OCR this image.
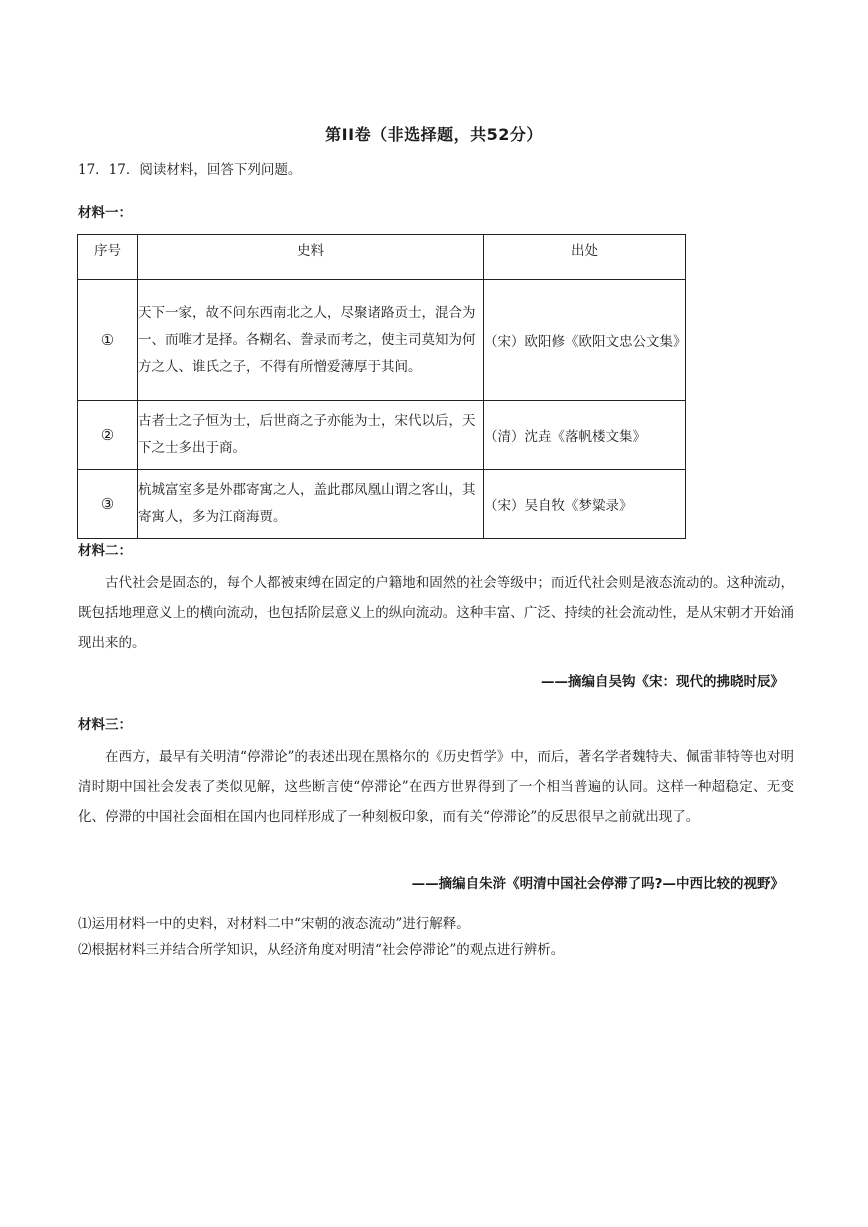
第II卷（非选择题，共52分）
17．17．阅读材料，回答下列问题。
材料一：
序号	史料	出处
①	天下一家，故不问东西南北之人，尽聚诸路贡士，混合为一、而唯才是择。各糊名、誊录而考之，使主司莫知为何方之人、谁氏之子，不得有所憎爱薄厚于其间。	（宋）欧阳修《欧阳文忠公文集》
②	古者士之子恒为士，后世商之子亦能为士，宋代以后，天下之士多出于商。	（清）沈垚《落帆楼文集》
③	杭城富室多是外郡寄寓之人，盖此郡凤凰山谓之客山，其寄寓人，多为江商海贾。	（宋）吴自牧《梦粱录》
材料二：
古代社会是固态的，每个人都被束缚在固定的户籍地和固然的社会等级中；而近代社会则是液态流动的。这种流动，既包括地理意义上的横向流动，也包括阶层意义上的纵向流动。这种丰富、广泛、持续的社会流动性，是从宋朝才开始涌现出来的。
——摘编自吴钩《宋：现代的拂晓时辰》
材料三：
在西方，最早有关明清“停滞论”的表述出现在黑格尔的《历史哲学》中，而后，著名学者魏特夫、佩雷菲特等也对明清时期中国社会发表了类似见解，这些断言使“停滞论”在西方世界得到了一个相当普遍的认同。这样一种超稳定、无变化、停滞的中国社会面相在国内也同样形成了一种刻板印象，而有关“停滞论”的反思很早之前就出现了。
——摘编自朱浒《明清中国社会停滞了吗?—中西比较的视野》
⑴运用材料一中的史料，对材料二中“宋朝的液态流动”进行解释。
⑵根据材料三并结合所学知识，从经济角度对明清“社会停滞论”的观点进行辨析。
